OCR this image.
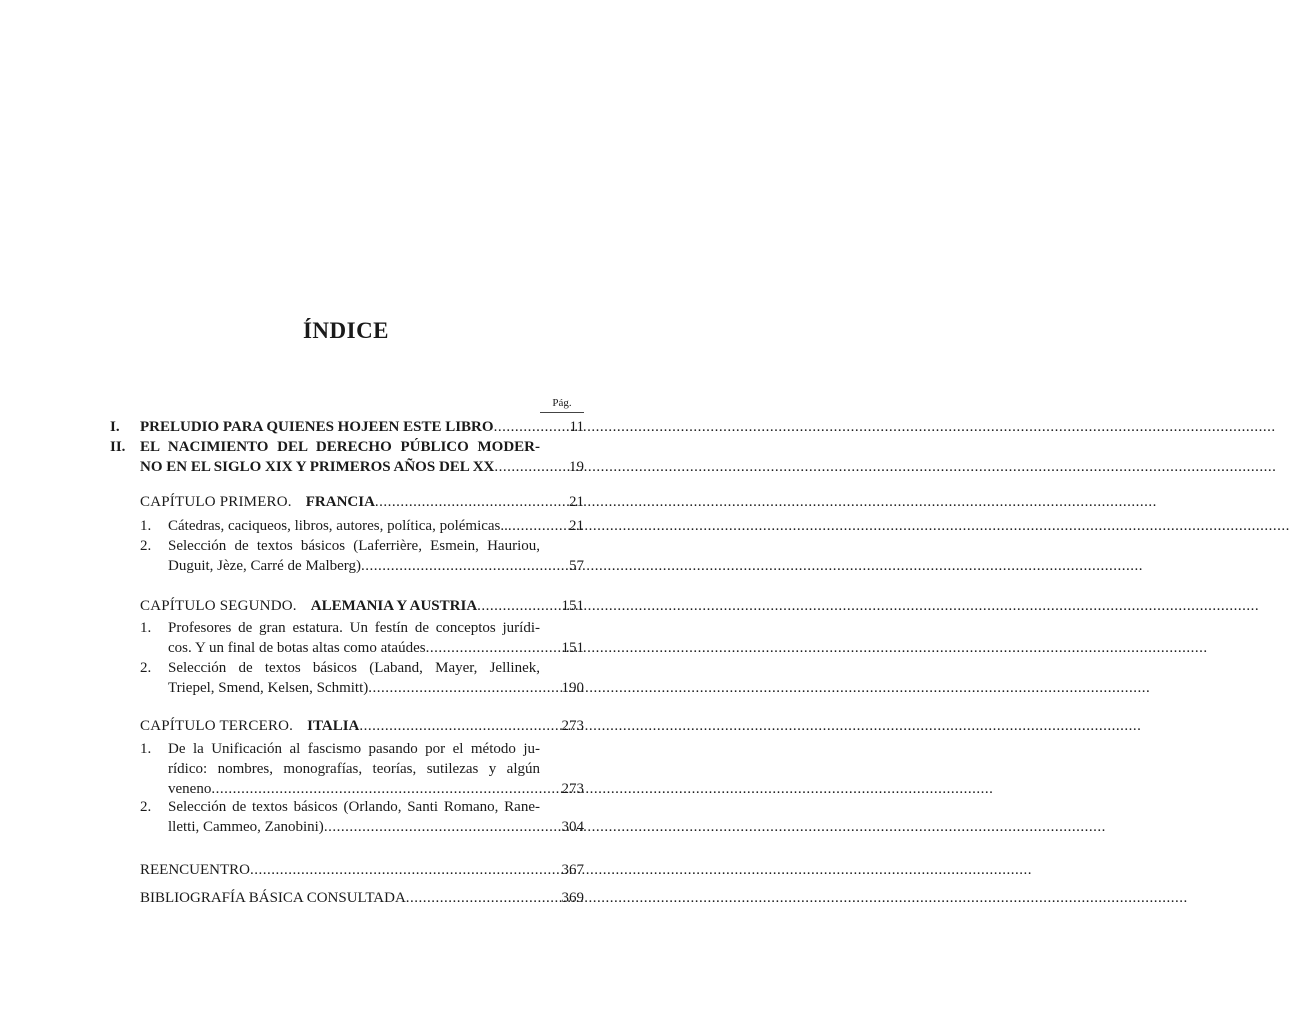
ÍNDICE
Pág.
I. PRELUDIO PARA QUIENES HOJEEN ESTE LIBRO .....	11
II. EL NACIMIENTO DEL DERECHO PÚBLICO MODER-
NO EN EL SIGLO XIX Y PRIMEROS AÑOS DEL XX .....	19
CAPÍTULO PRIMERO. FRANCIA .....	21
1. Cátedras, caciqueos, libros, autores, política, polémicas.. .....	21
2. Selección de textos básicos (Laferrière, Esmein, Hauriou,
Duguit, Jèze, Carré de Malberg) .....	57
CAPÍTULO SEGUNDO. ALEMANIA Y AUSTRIA .....	151
1. Profesores de gran estatura. Un festín de conceptos jurídi-
cos. Y un final de botas altas como ataúdes .....	151
2. Selección de textos básicos (Laband, Mayer, Jellinek,
Triepel, Smend, Kelsen, Schmitt) .....	190
CAPÍTULO TERCERO. ITALIA .....	273
1. De la Unificación al fascismo pasando por el método ju-
rídico: nombres, monografías, teorías, sutilezas y algún
veneno .....	273
2. Selección de textos básicos (Orlando, Santi Romano, Rane-
lletti, Cammeo, Zanobini) .....	304
REENCUENTRO .....	367
BIBLIOGRAFÍA BÁSICA CONSULTADA .....	369
